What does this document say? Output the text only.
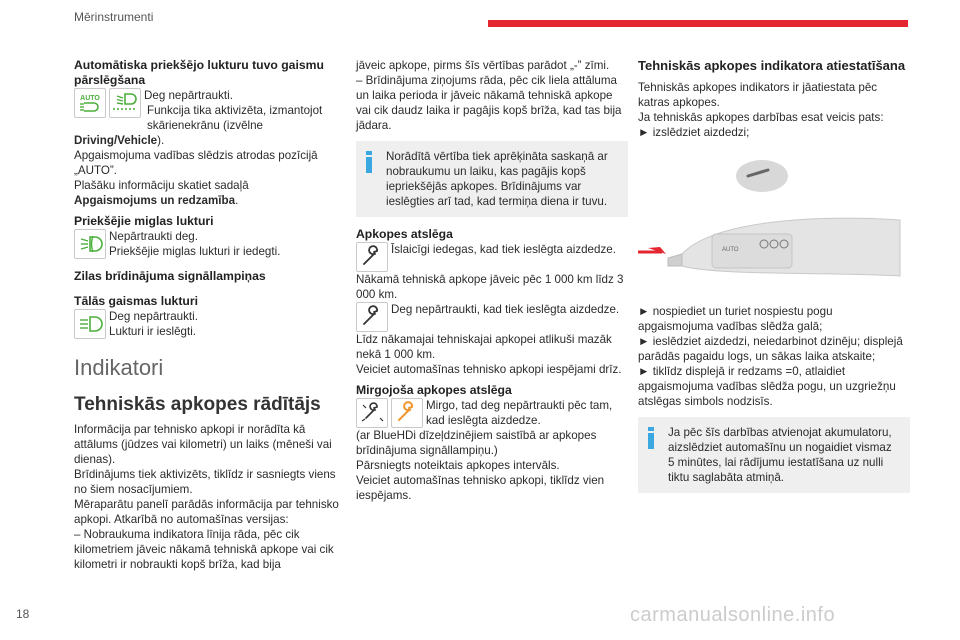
Mērinstrumenti
Automātiska priekšējo lukturu tuvo gaismu pārslēgšana
AUTO	Deg nepārtraukti.
Funkcija tika aktivizēta, izmantojot skārienekrānu (izvēlne
Driving/Vehicle).
Apgaismojuma vadības slēdzis atrodas pozīcijā „AUTO”.
Plašāku informāciju skatiet sadaļā
Apgaismojums un redzamība.
Priekšējie miglas lukturi
Nepārtraukti deg.
Priekšējie miglas lukturi ir iedegti.
Zilas brīdinājuma signāllampiņas
Tālās gaismas lukturi
Deg nepārtraukti.
Lukturi ir ieslēgti.
Indikatori
Tehniskās apkopes rādītājs
Informācija par tehnisko apkopi ir norādīta kā attālums (jūdzes vai kilometri) un laiks (mēneši vai dienas).
Brīdinājums tiek aktivizēts, tiklīdz ir sasniegts viens no šiem nosacījumiem.
Mēraparātu panelī parādās informācija par tehnisko apkopi. Atkarībā no automašīnas versijas:
– Nobraukuma indikatora līnija rāda, pēc cik kilometriem jāveic nākamā tehniskā apkope vai cik kilometri ir nobraukti kopš brīža, kad bija
jāveic apkope, pirms šīs vērtības parādot „-” zīmi.
– Brīdinājuma ziņojums rāda, pēc cik liela attāluma un laika perioda ir jāveic nākamā tehniskā apkope vai cik daudz laika ir pagājis kopš brīža, kad tas bija jādara.
Norādītā vērtība tiek aprēķināta saskaņā ar nobraukumu un laiku, kas pagājis kopš iepriekšējās apkopes. Brīdinājums var ieslēgties arī tad, kad termiņa diena ir tuvu.
Apkopes atslēga
Īslaicīgi iedegas, kad tiek ieslēgta aizdedze.
Nākamā tehniskā apkope jāveic pēc 1 000 km līdz 3 000 km.
Deg nepārtraukti, kad tiek ieslēgta aizdedze.
Līdz nākamajai tehniskajai apkopei atlikuši mazāk nekā 1 000 km.
Veiciet automašīnas tehnisko apkopi iespējami drīz.
Mirgojoša apkopes atslēga
Mirgo, tad deg nepārtraukti pēc tam, kad ieslēgta aizdedze.
(ar BlueHDi dīzeļdzinējiem saistībā ar apkopes brīdinājuma signāllampiņu.)
Pārsniegts noteiktais apkopes intervāls.
Veiciet automašīnas tehnisko apkopi, tiklīdz vien iespējams.
Tehniskās apkopes indikatora atiestatīšana
Tehniskās apkopes indikators ir jāatiestata pēc katras apkopes.
Ja tehniskās apkopes darbības esat veicis pats:
► izslēdziet aizdedzi;
AUTO
► nospiediet un turiet nospiestu pogu apgaismojuma vadības slēdža galā;
► ieslēdziet aizdedzi, neiedarbinot dzinēju; displejā parādās pagaidu logs, un sākas laika atskaite;
► tiklīdz displejā ir redzams =0, atlaidiet apgaismojuma vadības slēdža pogu, un uzgriežņu atslēgas simbols nodzisīs.
Ja pēc šīs darbības atvienojat akumulatoru, aizslēdziet automašīnu un nogaidiet vismaz 5 minūtes, lai rādījumu iestatīšana uz nulli tiktu saglabāta atmiņā.
18	carmanualsonline.info
